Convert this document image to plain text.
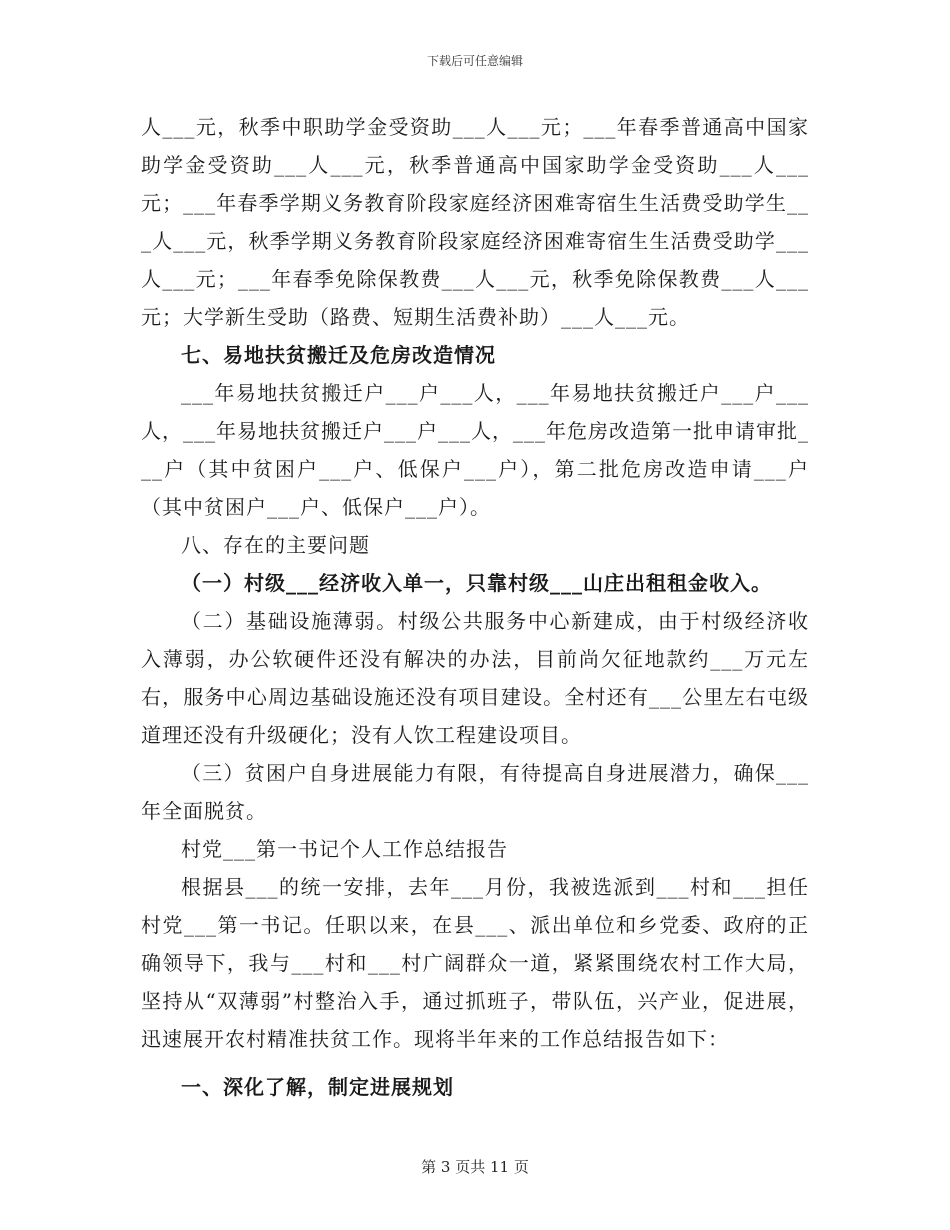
下载后可任意编辑

人___元，秋季中职助学金受资助___人___元；___年春季普通高中国家助学金受资助___人___元，秋季普通高中国家助学金受资助___人___元；___年春季学期义务教育阶段家庭经济困难寄宿生生活费受助学生___人___元，秋季学期义务教育阶段家庭经济困难寄宿生生活费受助学___人___元；___年春季免除保教费___人___元，秋季免除保教费___人___元；大学新生受助（路费、短期生活费补助）___人___元。

七、易地扶贫搬迁及危房改造情况

___年易地扶贫搬迁户___户___人，___年易地扶贫搬迁户___户___人，___年易地扶贫搬迁户___户___人，___年危房改造第一批申请审批___户（其中贫困户___户、低保户___户），第二批危房改造申请___户（其中贫困户___户、低保户___户）。

八、存在的主要问题

（一）村级___经济收入单一，只靠村级___山庄出租租金收入。

（二）基础设施薄弱。村级公共服务中心新建成，由于村级经济收入薄弱，办公软硬件还没有解决的办法，目前尚欠征地款约___万元左右，服务中心周边基础设施还没有项目建设。全村还有___公里左右屯级道理还没有升级硬化；没有人饮工程建设项目。

（三）贫困户自身进展能力有限，有待提高自身进展潜力，确保___年全面脱贫。

村党___第一书记个人工作总结报告

根据县___的统一安排，去年___月份，我被选派到___村和___担任村党___第一书记。任职以来，在县___、派出单位和乡党委、政府的正确领导下，我与___村和___村广阔群众一道，紧紧围绕农村工作大局，坚持从“双薄弱”村整治入手，通过抓班子，带队伍，兴产业，促进展，迅速展开农村精准扶贫工作。现将半年来的工作总结报告如下：

一、深化了解，制定进展规划

第 3 页共 11 页
